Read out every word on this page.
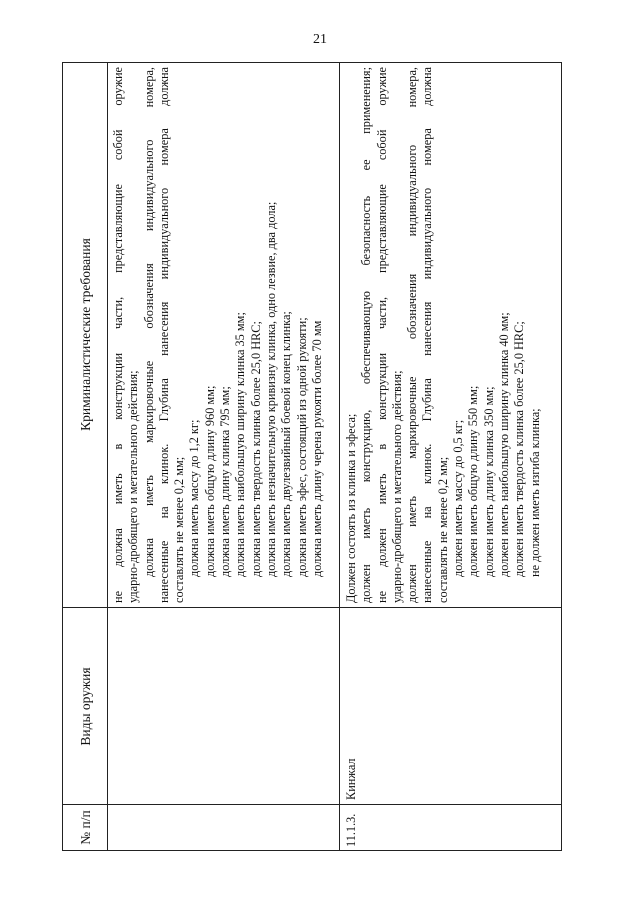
21
№ п/п
Виды оружия
Криминалистические требования	не должна иметь в конструкции части, представляющие собой оружие ударно-дробящего и метательного действия; должна иметь маркировочные обозначения индивидуального номера, нанесенные на клинок. Глубина нанесения индивидуального номера должна составлять не менее 0,2 мм; должна иметь массу до 1,2 кг; должна иметь общую длину 960 мм; должна иметь длину клинка 795 мм; должна иметь наибольшую ширину клинка 35 мм; должна иметь твердость клинка более 25,0 HRC; должна иметь незначительную кривизну клинка, одно лезвие, два дола; должна иметь двулезвийный боевой конец клинка; должна иметь эфес, состоящий из одной рукояти; должна иметь длину черена рукояти более 70 мм

11.1.3.
Кинжал

Должен состоять из клинка и эфеса; должен иметь конструкцию, обеспечивающую безопасность ее применения; не должен иметь в конструкции части, представляющие собой оружие ударно-дробящего и метательного действия; должен иметь маркировочные обозначения индивидуального номера, нанесенные на клинок. Глубина нанесения индивидуального номера должна составлять не менее 0,2 мм; должен иметь массу до 0,5 кг; должен иметь общую длину 550 мм; должен иметь длину клинка 350 мм; должен иметь наибольшую ширину клинка 40 мм; должен иметь твердость клинка более 25,0 HRC; не должен иметь изгиба клинка;
